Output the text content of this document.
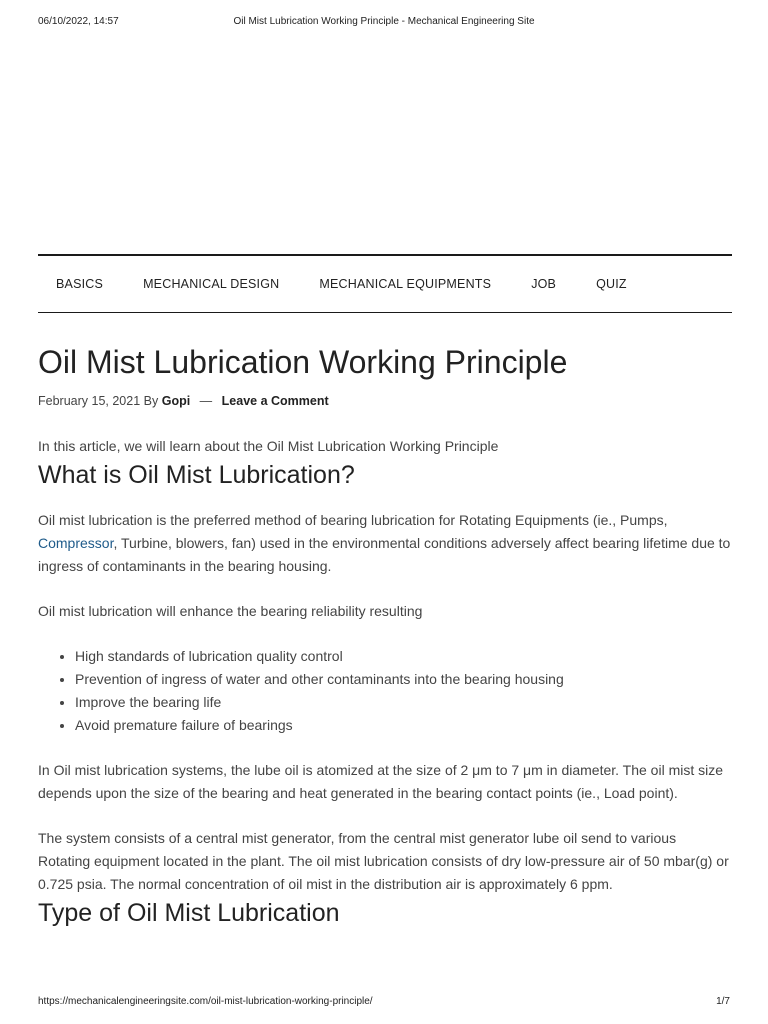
06/10/2022, 14:57	Oil Mist Lubrication Working Principle - Mechanical Engineering Site
BASICS	MECHANICAL DESIGN	MECHANICAL EQUIPMENTS	JOB	QUIZ
Oil Mist Lubrication Working Principle
February 15, 2021 By Gopi — Leave a Comment

In this article, we will learn about the Oil Mist Lubrication Working Principle

What is Oil Mist Lubrication?

Oil mist lubrication is the preferred method of bearing lubrication for Rotating Equipments (ie., Pumps, Compressor, Turbine, blowers, fan) used in the environmental conditions adversely affect bearing lifetime due to ingress of contaminants in the bearing housing.

Oil mist lubrication will enhance the bearing reliability resulting

• High standards of lubrication quality control
• Prevention of ingress of water and other contaminants into the bearing housing
• Improve the bearing life
• Avoid premature failure of bearings

In Oil mist lubrication systems, the lube oil is atomized at the size of 2 μm to 7 μm in diameter. The oil mist size depends upon the size of the bearing and heat generated in the bearing contact points (ie., Load point).

The system consists of a central mist generator, from the central mist generator lube oil send to various Rotating equipment located in the plant. The oil mist lubrication consists of dry low-pressure air of 50 mbar(g) or 0.725 psia. The normal concentration of oil mist in the distribution air is approximately 6 ppm.

Type of Oil Mist Lubrication
https://mechanicalengineeringsite.com/oil-mist-lubrication-working-principle/	1/7
